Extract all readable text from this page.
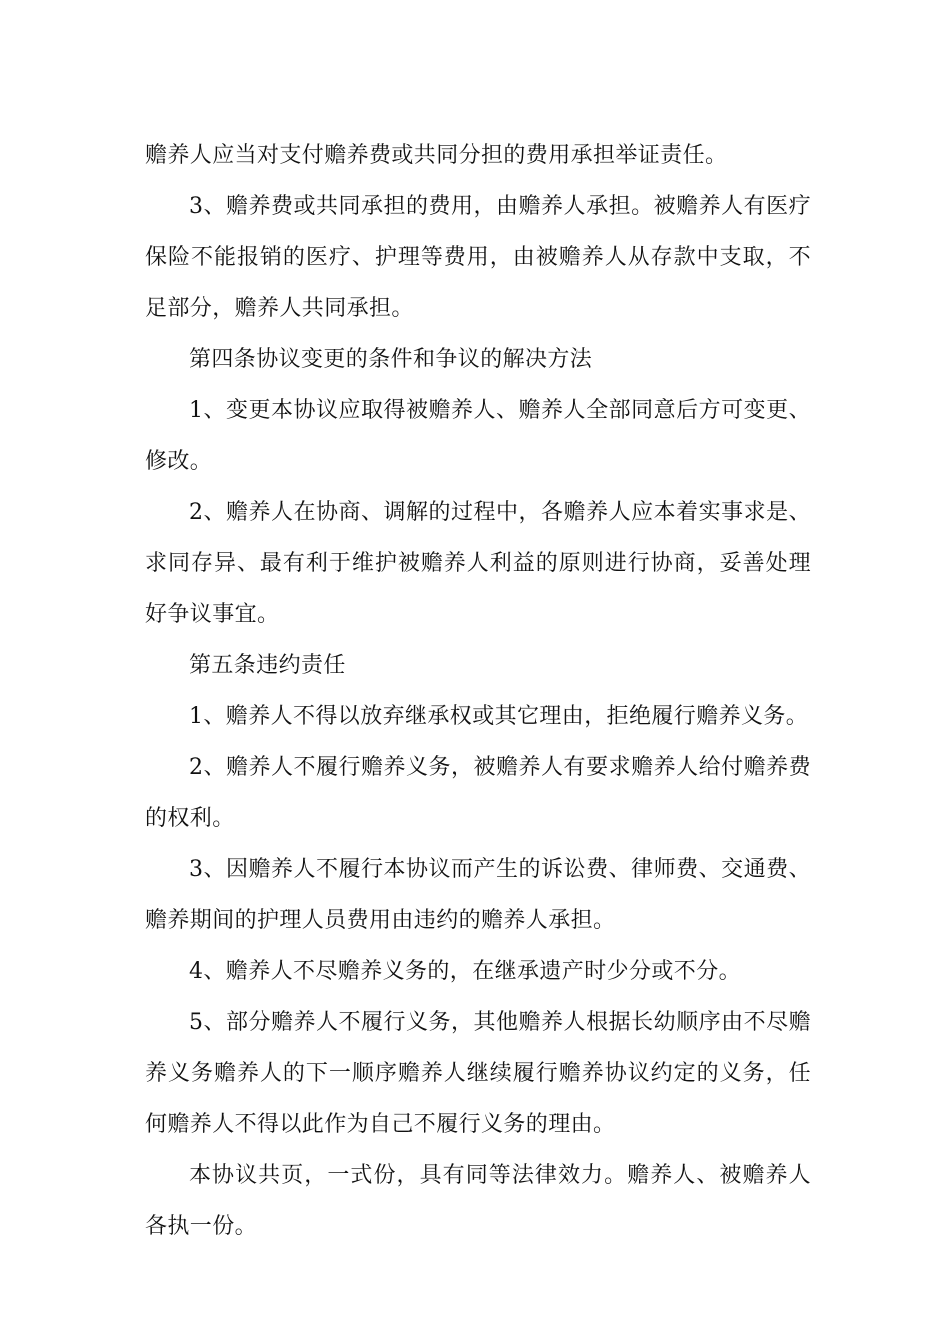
赡养人应当对支付赡养费或共同分担的费用承担举证责任。

3、赡养费或共同承担的费用，由赡养人承担。被赡养人有医疗保险不能报销的医疗、护理等费用，由被赡养人从存款中支取，不足部分，赡养人共同承担。

第四条协议变更的条件和争议的解决方法

1、变更本协议应取得被赡养人、赡养人全部同意后方可变更、修改。

2、赡养人在协商、调解的过程中，各赡养人应本着实事求是、求同存异、最有利于维护被赡养人利益的原则进行协商，妥善处理好争议事宜。

第五条违约责任

1、赡养人不得以放弃继承权或其它理由，拒绝履行赡养义务。

2、赡养人不履行赡养义务，被赡养人有要求赡养人给付赡养费的权利。

3、因赡养人不履行本协议而产生的诉讼费、律师费、交通费、赡养期间的护理人员费用由违约的赡养人承担。

4、赡养人不尽赡养义务的，在继承遗产时少分或不分。

5、部分赡养人不履行义务，其他赡养人根据长幼顺序由不尽赡养义务赡养人的下一顺序赡养人继续履行赡养协议约定的义务，任何赡养人不得以此作为自己不履行义务的理由。

本协议共页，一式份，具有同等法律效力。赡养人、被赡养人各执一份。
